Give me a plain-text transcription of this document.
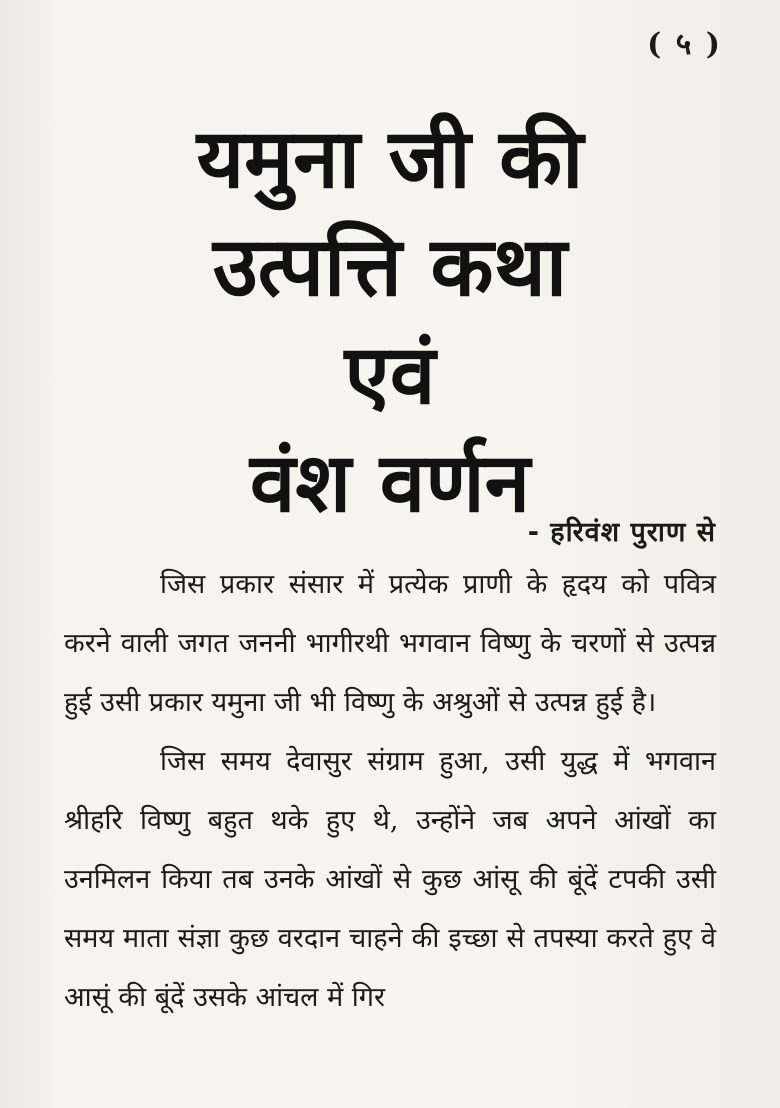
( ५ )
यमुना जी की
उत्पत्ति कथा
एवं
वंश वर्णन
- हरिवंश पुराण से

जिस प्रकार संसार में प्रत्येक प्राणी के हृदय को पवित्र करने वाली जगत जननी भागीरथी भगवान विष्णु के चरणों से उत्पन्न हुई उसी प्रकार यमुना जी भी विष्णु के अश्रुओं से उत्पन्न हुई है।

जिस समय देवासुर संग्राम हुआ, उसी युद्ध में भगवान श्रीहरि विष्णु बहुत थके हुए थे, उन्होंने जब अपने आंखों का उनमिलन किया तब उनके आंखों से कुछ आंसू की बूंदें टपकी उसी समय माता संज्ञा कुछ वरदान चाहने की इच्छा से तपस्या करते हुए वे आसूं की बूंदें उसके आंचल में गिर
